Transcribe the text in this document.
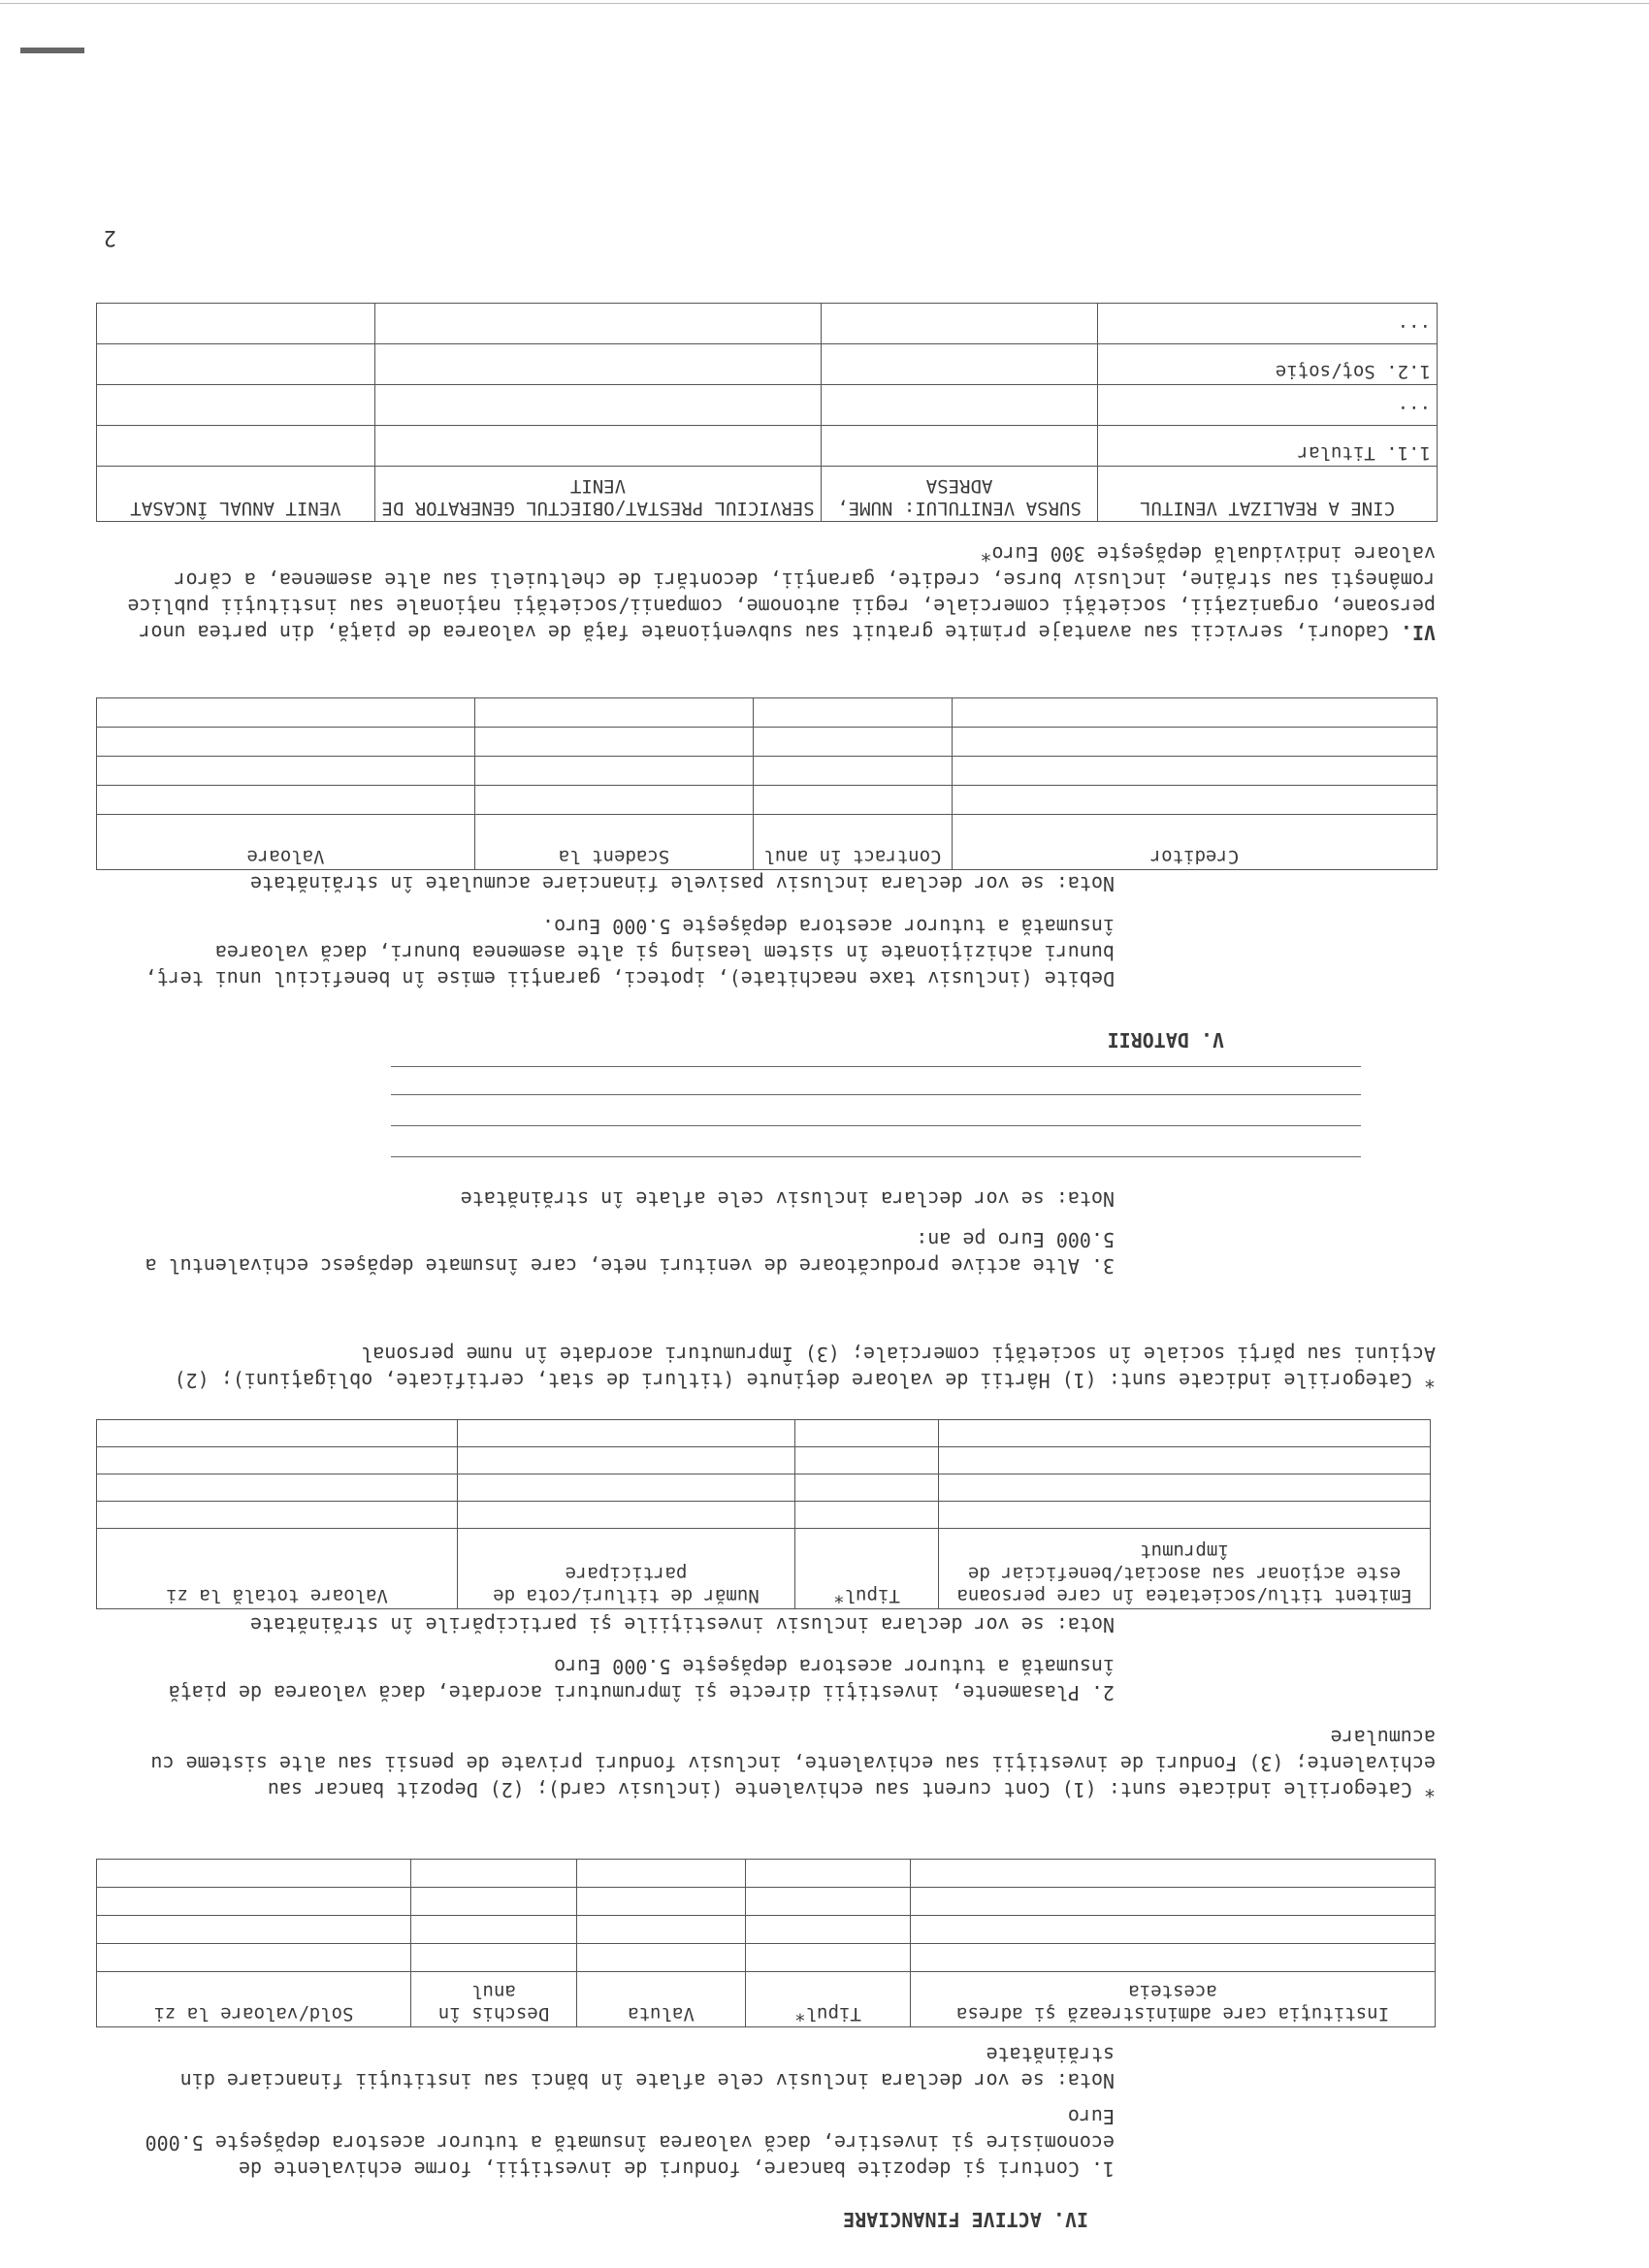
IV. ACTIVE FINANCIARE
1. Conturi şi depozite bancare, fonduri de investiţii, forme echivalente de economisire şi investire, dacă valoarea însumată a tuturor acestora depăşeşte 5.000 Euro
Nota: se vor declara inclusiv cele aflate în bănci sau instituţii financiare din străinătate
Instituţia care administrează şi adresa acesteia	Tipul*	Valuta	Deschis în anul	Sold/valoare la zi

* Categoriile indicate sunt: (1) Cont curent sau echivalente (inclusiv card); (2) Depozit bancar sau echivalente; (3) Fonduri de investiţii sau echivalente, inclusiv fonduri private de pensii sau alte sisteme cu acumulare
2. Plasamente, investiţii directe şi împrumuturi acordate, dacă valoarea de piaţă însumată a tuturor acestora depăşeşte 5.000 Euro
Nota: se vor declara inclusiv investiţiile şi participările în străinătate
Emitent titlu/societatea în care persoana este acţionar sau asociat/beneficiar de împrumut	Tipul*	Număr de titluri/cota de participare	Valoare totală la zi

* Categoriile indicate sunt: (1) Hârtii de valoare deţinute (titluri de stat, certificate, obligaţiuni); (2) Acţiuni sau părţi sociale în societăţi comerciale; (3) Împrumuturi acordate în nume personal
3. Alte active producătoare de venituri nete, care însumate depăşesc echivalentul a 5.000 Euro pe an:
Nota: se vor declara inclusiv cele aflate în străinătate
V. DATORII
Debite (inclusiv taxe neachitate), ipoteci, garanţii emise în beneficiul unui terţ, bunuri achiziţionate în sistem leasing şi alte asemenea bunuri, dacă valoarea însumată a tuturor acestora depăşeşte 5.000 Euro.
Nota: se vor declara inclusiv pasivele financiare acumulate în străinătate
Creditor	Contract în anul	Scadent la	Valoare

VI. Cadouri, servicii sau avantaje primite gratuit sau subvenţionate faţă de valoarea de piaţă, din partea unor persoane, organizaţii, societăţi comerciale, regii autonome, companii/societăţi naţionale sau instituţii publice româneşti sau străine, inclusiv burse, credite, garanţii, decontări de cheltuieli sau alte asemenea, a căror valoare individuală depăşeşte 300 Euro*
CINE A REALIZAT VENITUL	SURSA VENITULUI: NUME, ADRESA	SERVICIUL PRESTAT/OBIECTUL GENERATOR DE VENIT	VENIT ANUAL ÎNCASAT
1.1. Titular			
...			
1.2. Soţ/soţie			
...			
2
